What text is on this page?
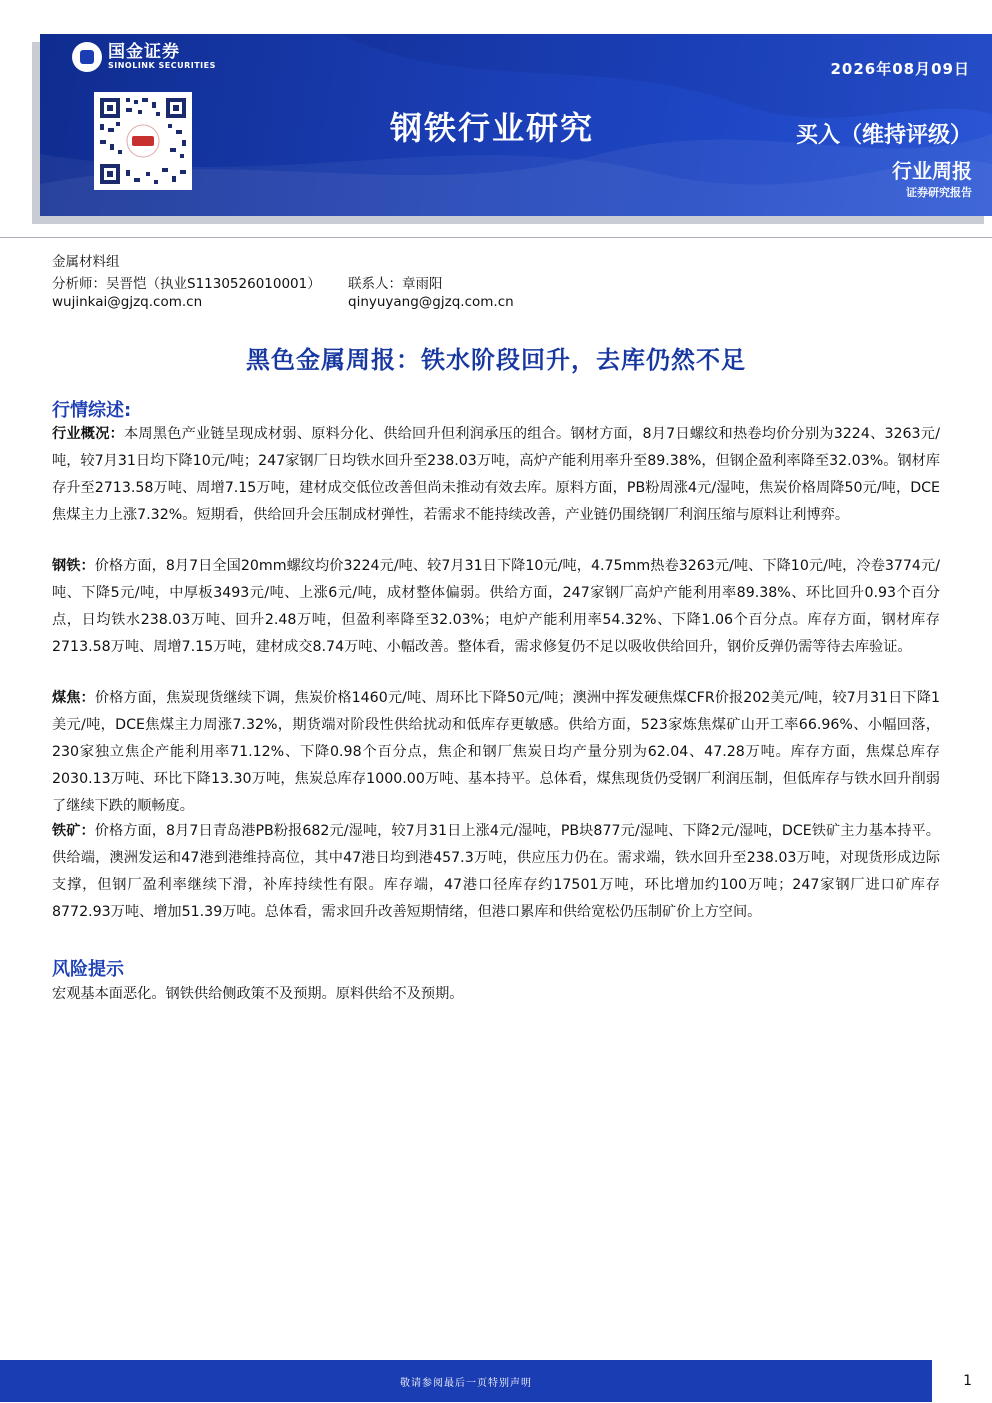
国金证券
SINOLINK SECURITIES
钢铁行业研究
2026年08月09日
买入（维持评级）
行业周报
证券研究报告
金属材料组
分析师：吴晋恺（执业S1130526010001） 联系人：章雨阳
wujinkai@gjzq.com.cn	qinyuyang@gjzq.com.cn
黑色金属周报：铁水阶段回升，去库仍然不足
行情综述:
行业概况：本周黑色产业链呈现成材弱、原料分化、供给回升但利润承压的组合。钢材方面，8月7日螺纹和热卷均价分别为3224、3263元/吨，较7月31日均下降10元/吨；247家钢厂日均铁水回升至238.03万吨，高炉产能利用率升至89.38%，但钢企盈利率降至32.03%。钢材库存升至2713.58万吨、周增7.15万吨，建材成交低位改善但尚未推动有效去库。原料方面，PB粉周涨4元/湿吨，焦炭价格周降50元/吨，DCE焦煤主力上涨7.32%。短期看，供给回升会压制成材弹性，若需求不能持续改善，产业链仍围绕钢厂利润压缩与原料让利博弈。
钢铁：价格方面，8月7日全国20mm螺纹均价3224元/吨、较7月31日下降10元/吨，4.75mm热卷3263元/吨、下降10元/吨，冷卷3774元/吨、下降5元/吨，中厚板3493元/吨、上涨6元/吨，成材整体偏弱。供给方面，247家钢厂高炉产能利用率89.38%、环比回升0.93个百分点，日均铁水238.03万吨、回升2.48万吨，但盈利率降至32.03%；电炉产能利用率54.32%、下降1.06个百分点。库存方面，钢材库存2713.58万吨、周增7.15万吨，建材成交8.74万吨、小幅改善。整体看，需求修复仍不足以吸收供给回升，钢价反弹仍需等待去库验证。
煤焦：价格方面，焦炭现货继续下调，焦炭价格1460元/吨、周环比下降50元/吨；澳洲中挥发硬焦煤CFR价报202美元/吨，较7月31日下降1美元/吨，DCE焦煤主力周涨7.32%，期货端对阶段性供给扰动和低库存更敏感。供给方面，523家炼焦煤矿山开工率66.96%、小幅回落，230家独立焦企产能利用率71.12%、下降0.98个百分点，焦企和钢厂焦炭日均产量分别为62.04、47.28万吨。库存方面，焦煤总库存2030.13万吨、环比下降13.30万吨，焦炭总库存1000.00万吨、基本持平。总体看，煤焦现货仍受钢厂利润压制，但低库存与铁水回升削弱了继续下跌的顺畅度。
铁矿：价格方面，8月7日青岛港PB粉报682元/湿吨，较7月31日上涨4元/湿吨，PB块877元/湿吨、下降2元/湿吨，DCE铁矿主力基本持平。供给端，澳洲发运和47港到港维持高位，其中47港日均到港457.3万吨，供应压力仍在。需求端，铁水回升至238.03万吨，对现货形成边际支撑，但钢厂盈利率继续下滑，补库持续性有限。库存端，47港口径库存约17501万吨，环比增加约100万吨；247家钢厂进口矿库存8772.93万吨、增加51.39万吨。总体看，需求回升改善短期情绪，但港口累库和供给宽松仍压制矿价上方空间。
风险提示
宏观基本面恶化。钢铁供给侧政策不及预期。原料供给不及预期。
敬请参阅最后一页特别声明	1
